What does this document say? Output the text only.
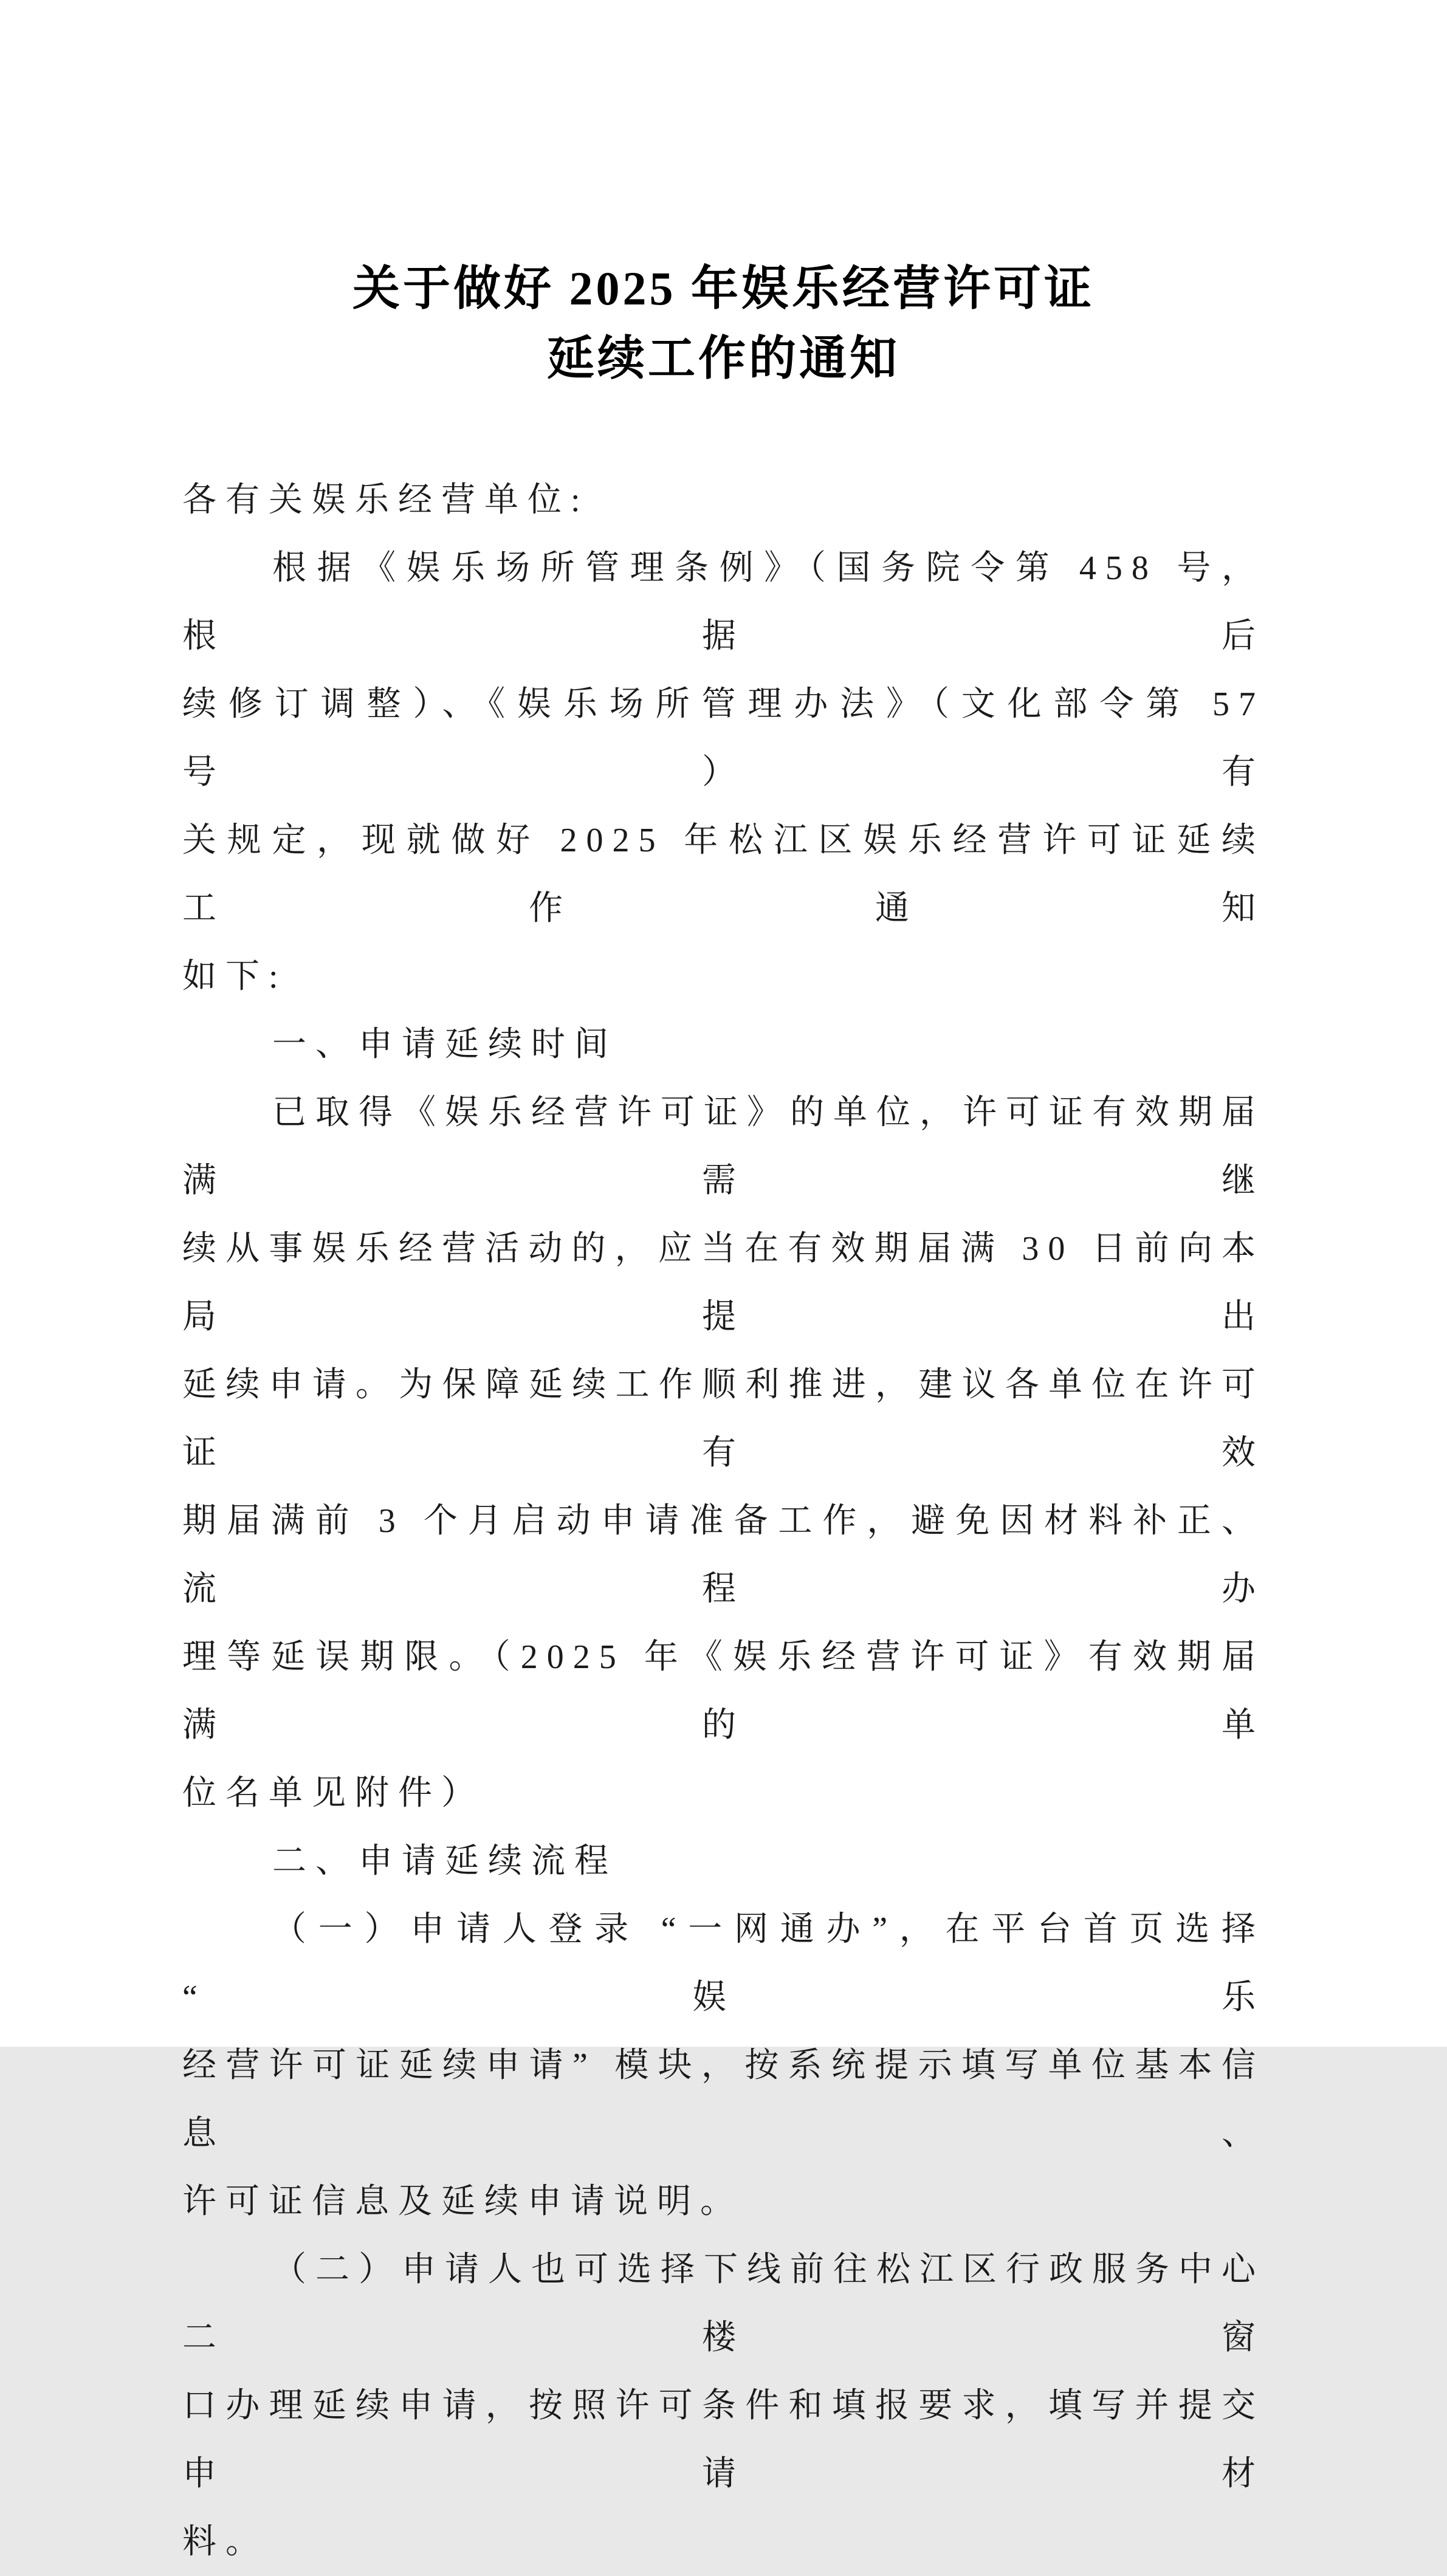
关于做好 2025 年娱乐经营许可证
延续工作的通知
各有关娱乐经营单位:
根据《娱乐场所管理条例》（国务院令第 458 号，根据后
续修订调整）、《娱乐场所管理办法》（文化部令第 57 号）有
关规定，现就做好 2025 年松江区娱乐经营许可证延续工作通知
如下:
一、申请延续时间
已取得《娱乐经营许可证》的单位，许可证有效期届满需继
续从事娱乐经营活动的，应当在有效期届满 30 日前向本局提出
延续申请。为保障延续工作顺利推进，建议各单位在许可证有效
期届满前 3 个月启动申请准备工作，避免因材料补正、流程办
理等延误期限。（2025 年《娱乐经营许可证》有效期届满的单
位名单见附件）
二、申请延续流程
（一）申请人登录 “一网通办”，在平台首页选择 “娱乐
经营许可证延续申请” 模块，按系统提示填写单位基本信息、
许可证信息及延续申请说明。
（二）申请人也可选择下线前往松江区行政服务中心二楼窗
口办理延续申请，按照许可条件和填报要求，填写并提交申请材
料。
